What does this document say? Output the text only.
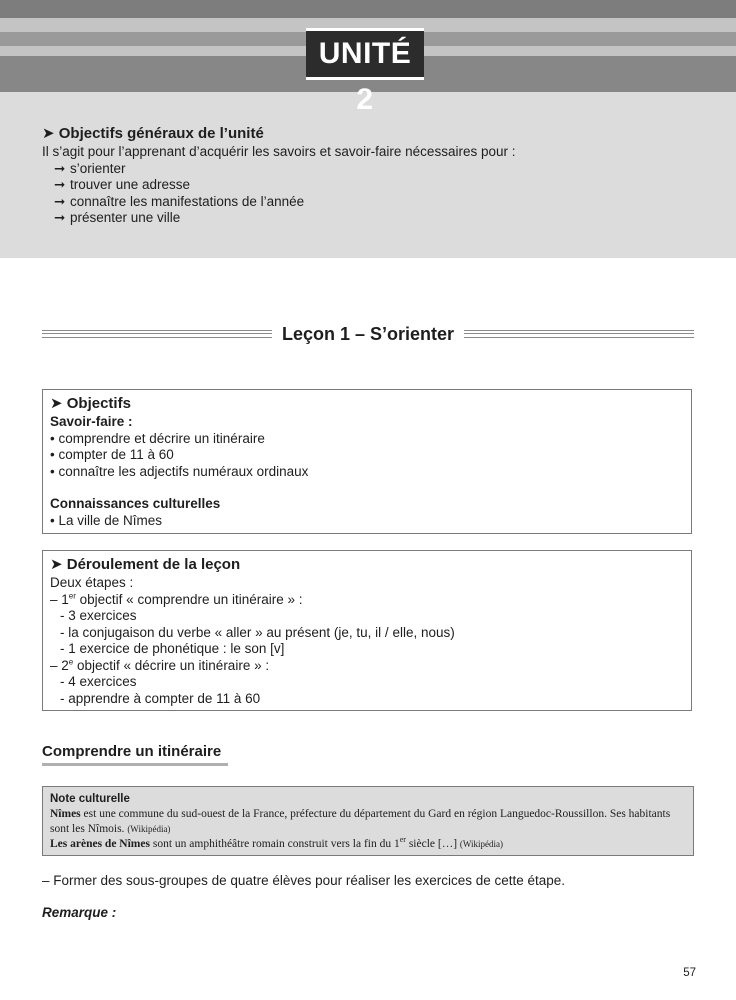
UNITÉ 2
➤ Objectifs généraux de l’unité
Il s’agit pour l’apprenant d’acquérir les savoirs et savoir-faire nécessaires pour :
➞ s’orienter
➞ trouver une adresse
➞ connaître les manifestations de l’année
➞ présenter une ville
Leçon 1 – S’orienter
➤ Objectifs
Savoir-faire :
• comprendre et décrire un itinéraire
• compter de 11 à 60
• connaître les adjectifs numéraux ordinaux
Connaissances culturelles
• La ville de Nîmes
➤ Déroulement de la leçon
Deux étapes :
– 1er objectif « comprendre un itinéraire » :
- 3 exercices
- la conjugaison du verbe « aller » au présent (je, tu, il / elle, nous)
- 1 exercice de phonétique : le son [v]
– 2e objectif « décrire un itinéraire » :
- 4 exercices
- apprendre à compter de 11 à 60
Comprendre un itinéraire
Note culturelle
Nîmes est une commune du sud-ouest de la France, préfecture du département du Gard en région Languedoc-Roussillon. Ses habitants sont les Nîmois. (Wikipédia)
Les arènes de Nîmes sont un amphithéâtre romain construit vers la fin du 1er siècle […] (Wikipédia)
– Former des sous-groupes de quatre élèves pour réaliser les exercices de cette étape.
Remarque :
57
